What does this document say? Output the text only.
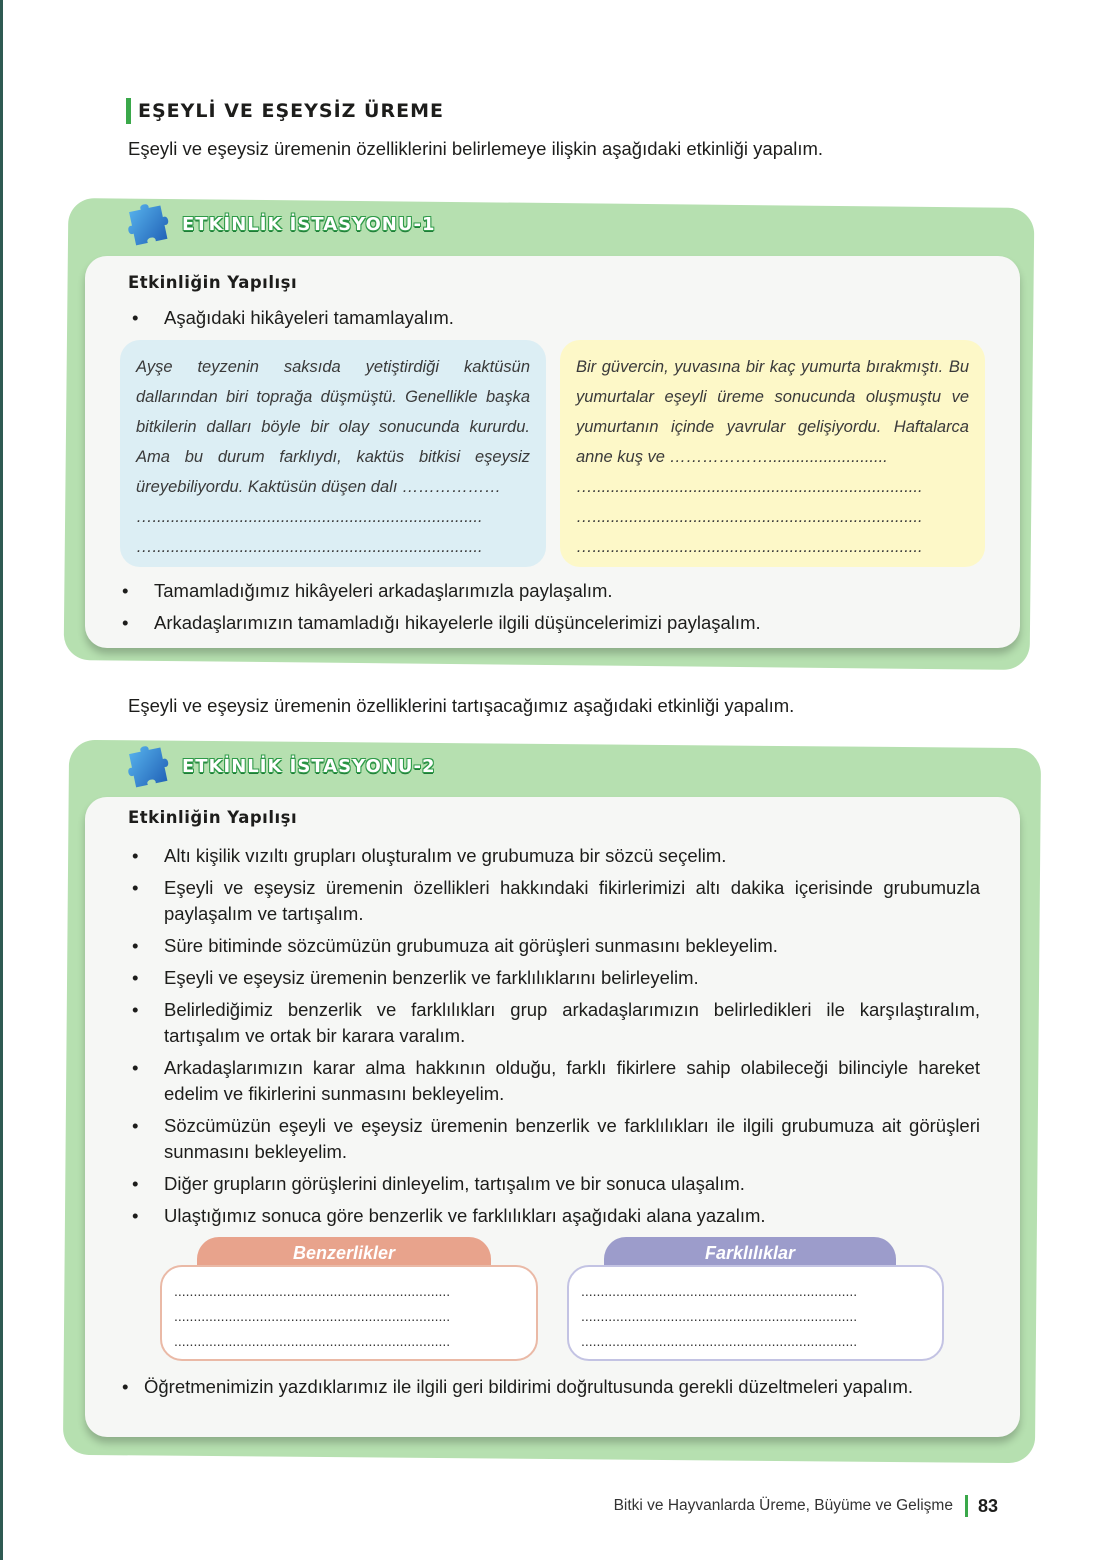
EŞEYLİ VE EŞEYSİZ ÜREME
Eşeyli ve eşeysiz üremenin özelliklerini belirlemeye ilişkin aşağıdaki etkinliği yapalım.
ETKİNLİK İSTASYONU-1
Etkinliğin Yapılışı
• Aşağıdaki hikâyeleri tamamlayalım.
Ayşe teyzenin saksıda yetiştirdiği kaktüsün dallarından biri toprağa düşmüştü. Genellikle başka bitkilerin dalları böyle bir olay sonucunda kururdu. Ama bu durum farklıydı, kaktüs bitkisi eşeysiz üreyebiliyordu. Kaktüsün düşen dalı ………………
…........................................................................
…........................................................................
Bir güvercin, yuvasına bir kaç yumurta bırakmıştı. Bu yumurtalar eşeyli üreme sonucunda oluşmuştu ve yumurtanın içinde yavrular gelişiyordu. Haftalarca anne kuş ve ………………..........................
…........................................................................
…........................................................................
…........................................................................
• Tamamladığımız hikâyeleri arkadaşlarımızla paylaşalım.
• Arkadaşlarımızın tamamladığı hikayelerle ilgili düşüncelerimizi paylaşalım.
Eşeyli ve eşeysiz üremenin özelliklerini tartışacağımız aşağıdaki etkinliği yapalım.
ETKİNLİK İSTASYONU-2
Etkinliğin Yapılışı
• Altı kişilik vızıltı grupları oluşturalım ve grubumuza bir sözcü seçelim.
• Eşeyli ve eşeysiz üremenin özellikleri hakkındaki fikirlerimizi altı dakika içerisinde grubumuzla paylaşalım ve tartışalım.
• Süre bitiminde sözcümüzün grubumuza ait görüşleri sunmasını bekleyelim.
• Eşeyli ve eşeysiz üremenin benzerlik ve farklılıklarını belirleyelim.
• Belirlediğimiz benzerlik ve farklılıkları grup arkadaşlarımızın belirledikleri ile karşılaştıralım, tartışalım ve ortak bir karara varalım.
• Arkadaşlarımızın karar alma hakkının olduğu, farklı fikirlere sahip olabileceği bilinciyle hareket edelim ve fikirlerini sunmasını bekleyelim.
• Sözcümüzün eşeyli ve eşeysiz üremenin benzerlik ve farklılıkları ile ilgili grubumuza ait görüşleri sunmasını bekleyelim.
• Diğer grupların görüşlerini dinleyelim, tartışalım ve bir sonuca ulaşalım.
• Ulaştığımız sonuca göre benzerlik ve farklılıkları aşağıdaki alana yazalım.
Benzerlikler
.......................................................................
.......................................................................
.......................................................................
Farklılıklar
.......................................................................
.......................................................................
.......................................................................
• Öğretmenimizin yazdıklarımız ile ilgili geri bildirimi doğrultusunda gerekli düzeltmeleri yapalım.
Bitki ve Hayvanlarda Üreme, Büyüme ve Gelişme 83
